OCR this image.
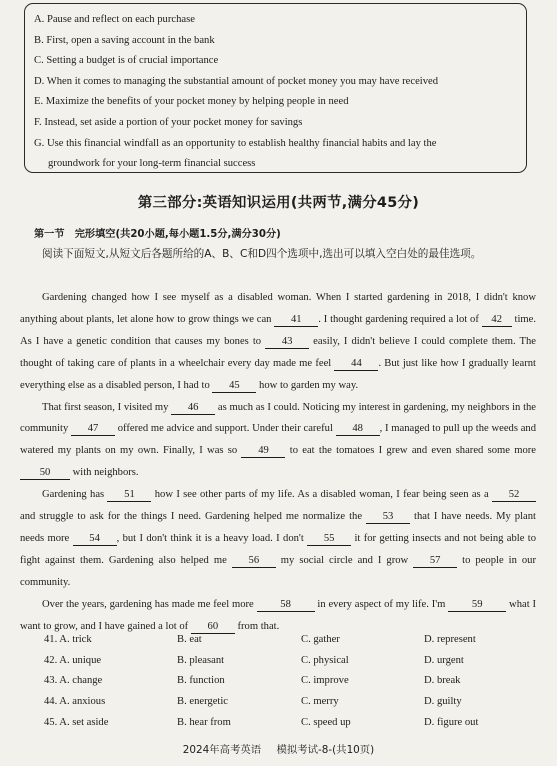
A. Pause and reflect on each purchase
B. First, open a saving account in the bank
C. Setting a budget is of crucial importance
D. When it comes to managing the substantial amount of pocket money you may have received
E. Maximize the benefits of your pocket money by helping people in need
F. Instead, set aside a portion of your pocket money for savings
G. Use this financial windfall as an opportunity to establish healthy financial habits and lay the
groundwork for your long-term financial success
第三部分:英语知识运用(共两节,满分45分)
第一节　完形填空(共20小题,每小题1.5分,满分30分)
阅读下面短文,从短文后各题所给的A、B、C和D四个选项中,选出可以填入空白处的最佳选项。

Gardening changed how I see myself as a disabled woman. When I started gardening in 2018, I didn't know anything about plants, let alone how to grow things we can 41 . I thought gardening required a lot of 42 time. As I have a genetic condition that causes my bones to 43 easily, I didn't believe I could complete them. The thought of taking care of plants in a wheelchair every day made me feel 44 . But just like how I gradually learnt everything else as a disabled person, I had to 45 how to garden my way.

That first season, I visited my 46 as much as I could. Noticing my interest in gardening, my neighbors in the community 47 offered me advice and support. Under their careful 48 , I managed to pull up the weeds and watered my plants on my own. Finally, I was so 49 to eat the tomatoes I grew and even shared some more 50 with neighbors.

Gardening has 51 how I see other parts of my life. As a disabled woman, I fear being seen as a 52 and struggle to ask for the things I need. Gardening helped me normalize the 53 that I have needs. My plant needs more 54 , but I don't think it is a heavy load. I don't 55 it for getting insects and not being able to fight against them. Gardening also helped me 56 my social circle and I grow 57 to people in our community.

Over the years, gardening has made me feel more 58 in every aspect of my life. I'm 59 what I want to grow, and I have gained a lot of 60 from that.

41. A. trick	B. eat	C. gather	D. represent
42. A. unique	B. pleasant	C. physical	D. urgent
43. A. change	B. function	C. improve	D. break
44. A. anxious	B. energetic	C. merry	D. guilty
45. A. set aside	B. hear from	C. speed up	D. figure out
2024年高考英语 模拟考试-8-(共10页)
